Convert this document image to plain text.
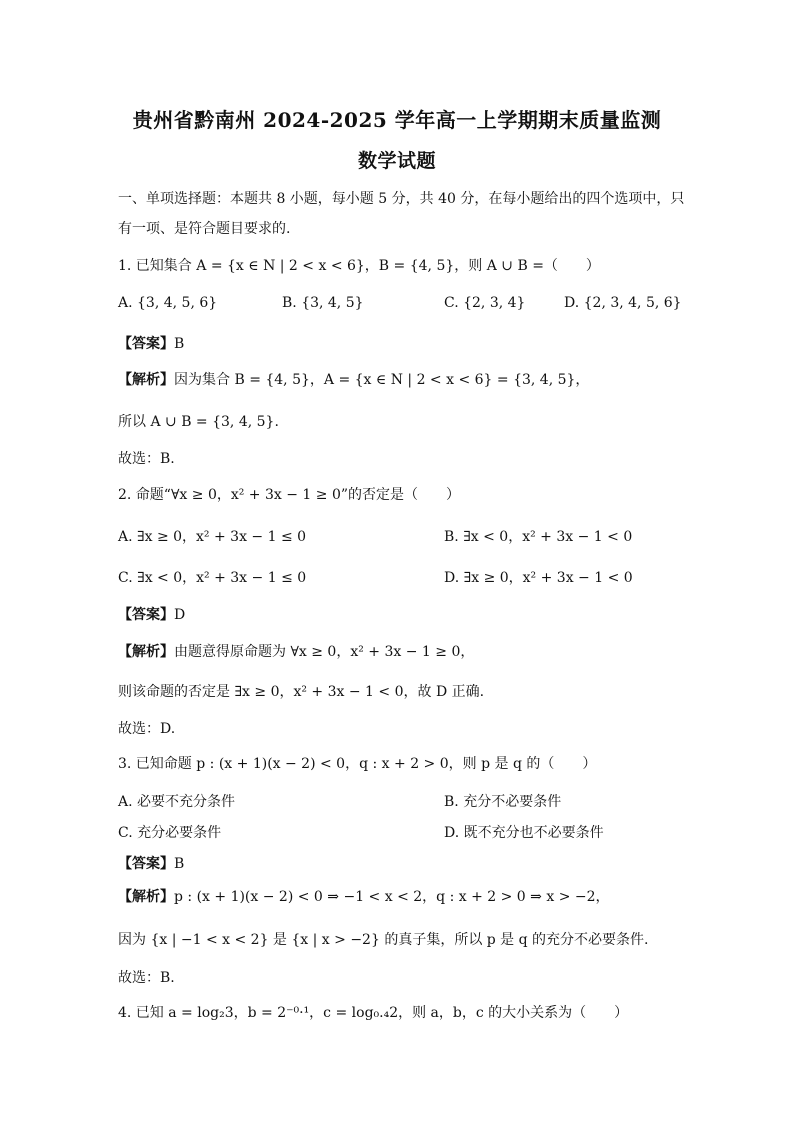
贵州省黔南州 2024-2025 学年高一上学期期末质量监测
数学试题
一、单项选择题：本题共 8 小题，每小题 5 分，共 40 分，在每小题给出的四个选项中，只
有一项、是符合题目要求的.
1. 已知集合 A = {x ∈ N | 2 < x < 6}，B = {4, 5}，则 A ∪ B =（　　）
A. {3, 4, 5, 6}	B. {3, 4, 5}	C. {2, 3, 4}	D. {2, 3, 4, 5, 6}
【答案】B
【解析】因为集合 B = {4, 5}，A = {x ∈ N | 2 < x < 6} = {3, 4, 5}，
所以 A ∪ B = {3, 4, 5}.
故选：B.
2. 命题“∀x ≥ 0，x² + 3x − 1 ≥ 0”的否定是（　　）
A. ∃x ≥ 0，x² + 3x − 1 ≤ 0	B. ∃x < 0，x² + 3x − 1 < 0
C. ∃x < 0，x² + 3x − 1 ≤ 0	D. ∃x ≥ 0，x² + 3x − 1 < 0
【答案】D
【解析】由题意得原命题为 ∀x ≥ 0，x² + 3x − 1 ≥ 0，
则该命题的否定是 ∃x ≥ 0，x² + 3x − 1 < 0，故 D 正确.
故选：D.
3. 已知命题 p : (x + 1)(x − 2) < 0，q : x + 2 > 0，则 p 是 q 的（　　）
A. 必要不充分条件	B. 充分不必要条件
C. 充分必要条件	D. 既不充分也不必要条件
【答案】B
【解析】p : (x + 1)(x − 2) < 0 ⇒ −1 < x < 2，q : x + 2 > 0 ⇒ x > −2，
因为 {x | −1 < x < 2} 是 {x | x > −2} 的真子集，所以 p 是 q 的充分不必要条件.
故选：B.
4. 已知 a = log₂3，b = 2⁻⁰·¹，c = log₀.₄2，则 a，b，c 的大小关系为（　　）
